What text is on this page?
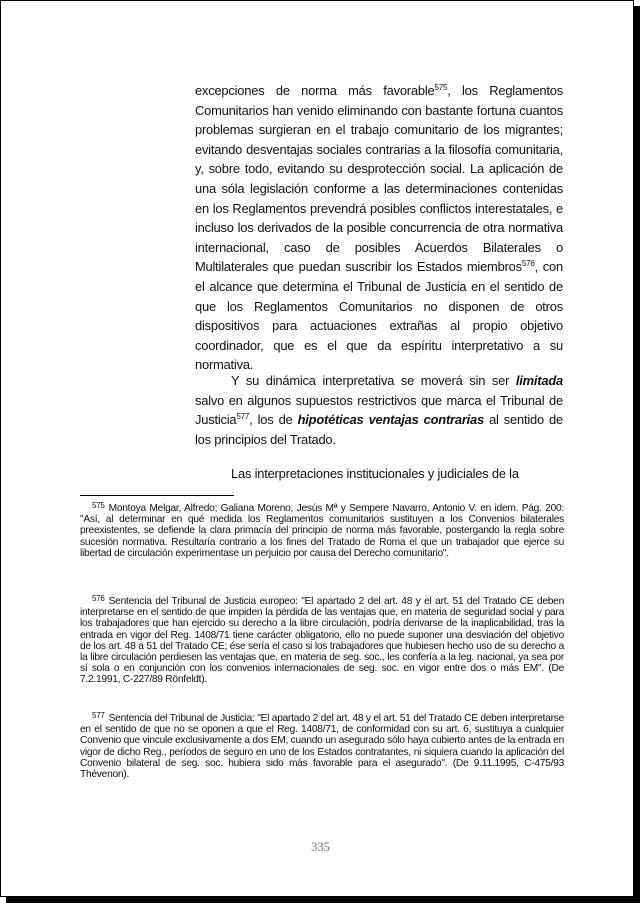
excepciones de norma más favorable$^{575}$, los Reglamentos Comunitarios han venido eliminando con bastante fortuna cuantos problemas surgieran en el trabajo comunitario de los migrantes; evitando desventajas sociales contrarias a la filosofía comunitaria, y, sobre todo, evitando su desprotección social. La aplicación de una sóla legislación conforme a las determinaciones contenidas en los Reglamentos prevendrá posibles conflictos interestatales, e incluso los derivados de la posible concurrencia de otra normativa internacional, caso de posibles Acuerdos Bilaterales o Multilaterales que puedan suscribir los Estados miembros$^{576}$, con el alcance que determina el Tribunal de Justicia en el sentido de que los Reglamentos Comunitarios no disponen de otros dispositivos para actuaciones extrañas al propio objetivo coordinador, que es el que da espíritu interpretativo a su normativa.

Y su dinámica interpretativa se moverá sin ser limitada salvo en algunos supuestos restrictivos que marca el Tribunal de Justicia$^{577}$, los de hipotéticas ventajas contrarias al sentido de los principios del Tratado.

Las interpretaciones institucionales y judiciales de la

$^{575}$ Montoya Melgar, Alfredo; Galiana Moreno, Jesús Mª y Sempere Navarro, Antonio V. en idem. Pág. 200: "Así, al determinar en qué medida los Reglamentos comunitarios sustituyen a los Convenios bilaterales preexistentes, se defiende la clara primacía del principio de norma más favorable, postergando la regla sobre sucesión normativa. Resultaría contrario a los fines del Tratado de Roma el que un trabajador que ejerce su libertad de circulación experimentase un perjuicio por causa del Derecho comunitario".
$^{576}$ Sentencia del Tribunal de Justicia europeo: "El apartado 2 del art. 48 y el art. 51 del Tratado CE deben interpretarse en el sentido de que impiden la pérdida de las ventajas que, en materia de seguridad social y para los trabajadores que han ejercido su derecho a la libre circulación, podría derivarse de la inaplicabilidad, tras la entrada en vigor del Reg. 1408/71 tiene carácter obligatorio, ello no puede suponer una desviación del objetivo de los art. 48 a 51 del Tratado CE; ése sería el caso si los trabajadores que hubiesen hecho uso de su derecho a la libre circulación perdiesen las ventajas que, en materia de seg. soc., les confería a la leg. nacional, ya sea por sí sola o en conjunción con los convenios internacionales de seg. soc. en vigor entre dos o más EM". (De 7.2.1991, C-227/89 Rönfeldt).
$^{577}$ Sentencia del Tribunal de Justicia: "El apartado 2 del art. 48 y el art. 51 del Tratado CE deben interpretarse en el sentido de que no se oponen a que el Reg. 1408/71, de conformidad con su art. 6, sustituya a cualquier Convenio que vincule exclusivamente a dos EM, cuando un asegurado sólo haya cubierto antes de la entrada en vigor de dicho Reg., períodos de seguro en uno de los Estados contratantes, ni siquiera cuando la aplicación del Convenio bilateral de seg. soc. hubiera sido más favorable para el asegurado". (De 9.11.1995, C-475/93 Thévenon).
335
